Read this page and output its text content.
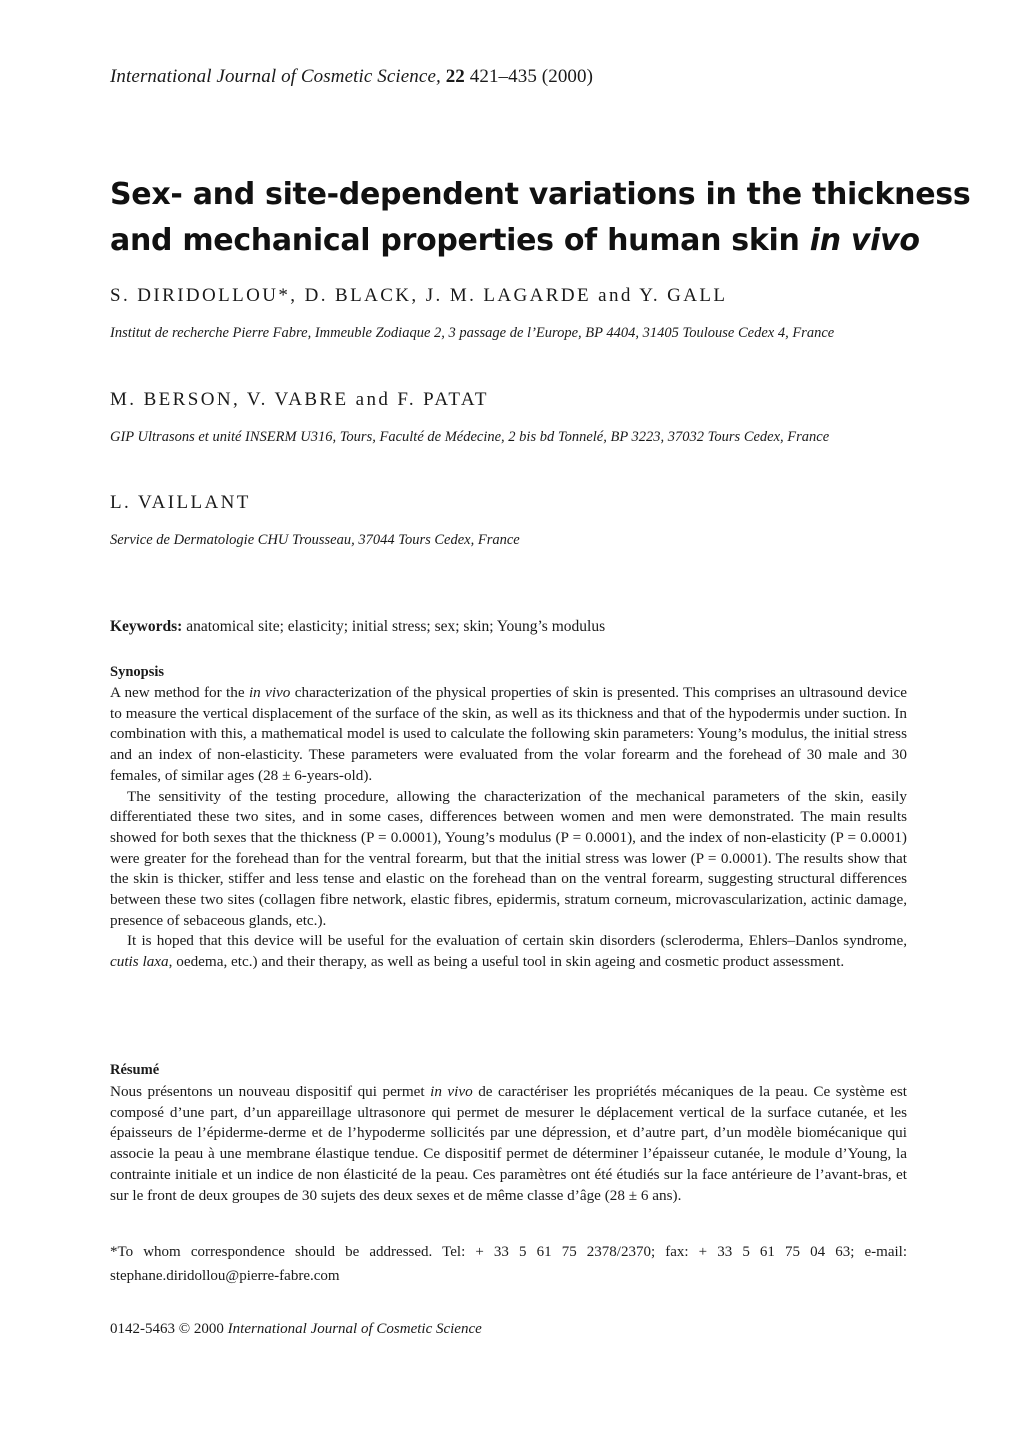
International Journal of Cosmetic Science, 22 421–435 (2000)
Sex- and site-dependent variations in the thickness
and mechanical properties of human skin in vivo
S. DIRIDOLLOU*, D. BLACK, J. M. LAGARDE and Y. GALL
Institut de recherche Pierre Fabre, Immeuble Zodiaque 2, 3 passage de l’Europe, BP 4404, 31405 Toulouse Cedex 4, France
M. BERSON, V. VABRE and F. PATAT
GIP Ultrasons et unité INSERM U316, Tours, Faculté de Médecine, 2 bis bd Tonnelé, BP 3223, 37032 Tours Cedex, France
L. VAILLANT
Service de Dermatologie CHU Trousseau, 37044 Tours Cedex, France
Keywords: anatomical site; elasticity; initial stress; sex; skin; Young’s modulus
Synopsis

A new method for the in vivo characterization of the physical properties of skin is presented. This comprises an ultrasound device to measure the vertical displacement of the surface of the skin, as well as its thickness and that of the hypodermis under suction. In combination with this, a mathematical model is used to calculate the following skin parameters: Young’s modulus, the initial stress and an index of non-elasticity. These parameters were evaluated from the volar forearm and the forehead of 30 male and 30 females, of similar ages (28 ± 6-years-old).

The sensitivity of the testing procedure, allowing the characterization of the mechanical parameters of the skin, easily differentiated these two sites, and in some cases, differences between women and men were demonstrated. The main results showed for both sexes that the thickness (P = 0.0001), Young’s modulus (P = 0.0001), and the index of non-elasticity (P = 0.0001) were greater for the forehead than for the ventral forearm, but that the initial stress was lower (P = 0.0001). The results show that the skin is thicker, stiffer and less tense and elastic on the forehead than on the ventral forearm, suggesting structural differences between these two sites (collagen fibre network, elastic fibres, epidermis, stratum corneum, microvascularization, actinic damage, presence of sebaceous glands, etc.).

It is hoped that this device will be useful for the evaluation of certain skin disorders (scleroderma, Ehlers–Danlos syndrome, cutis laxa, oedema, etc.) and their therapy, as well as being a useful tool in skin ageing and cosmetic product assessment.

Résumé

Nous présentons un nouveau dispositif qui permet in vivo de caractériser les propriétés mécaniques de la peau. Ce système est composé d’une part, d’un appareillage ultrasonore qui permet de mesurer le déplacement vertical de la surface cutanée, et les épaisseurs de l’épiderme-derme et de l’hypoderme sollicités par une dépression, et d’autre part, d’un modèle biomécanique qui associe la peau à une membrane élastique tendue. Ce dispositif permet de déterminer l’épaisseur cutanée, le module d’Young, la contrainte initiale et un indice de non élasticité de la peau. Ces paramètres ont été étudiés sur la face antérieure de l’avant-bras, et sur le front de deux groupes de 30 sujets des deux sexes et de même classe d’âge (28 ± 6 ans).

*To whom correspondence should be addressed. Tel: + 33 5 61 75 2378/2370; fax: + 33 5 61 75 04 63; e-mail: stephane.diridollou@pierre-fabre.com
0142-5463 © 2000 International Journal of Cosmetic Science
